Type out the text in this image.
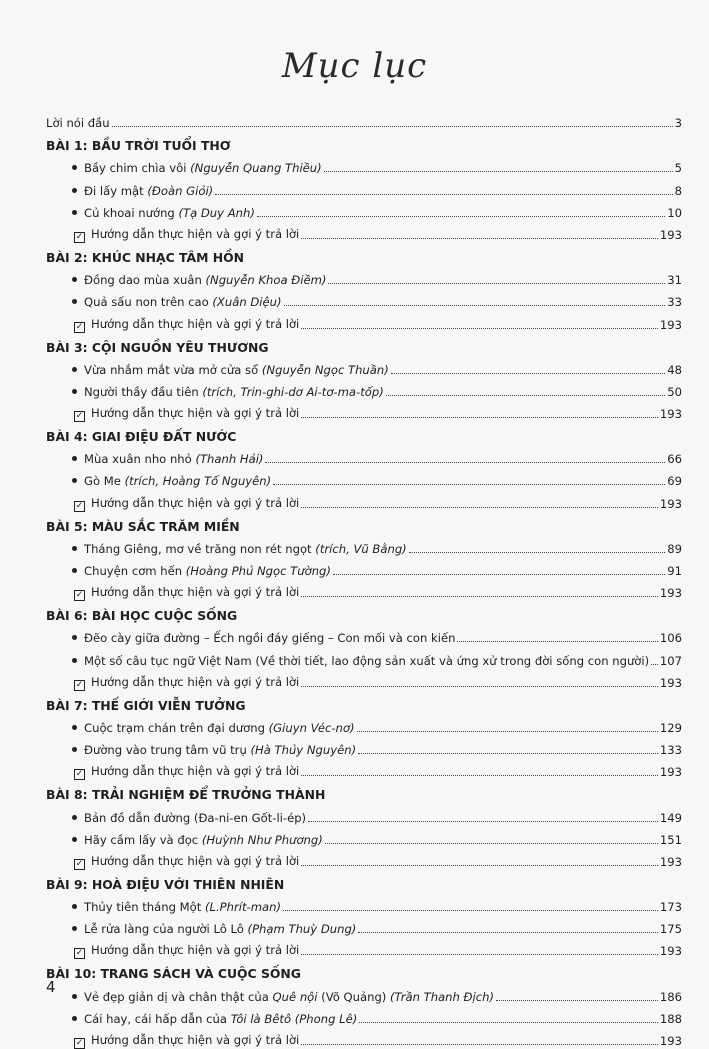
Mục lục
Lời nói đầu	3
BÀI 1: BẦU TRỜI TUỔI THƠ
Bầy chim chìa vôi (Nguyễn Quang Thiều)	5
Đi lấy mật (Đoàn Giỏi)	8
Củ khoai nướng (Tạ Duy Anh)	10
✓ Hướng dẫn thực hiện và gợi ý trả lời	193
BÀI 2: KHÚC NHẠC TÂM HỒN
Đồng dao mùa xuân (Nguyễn Khoa Điềm)	31
Quả sấu non trên cao (Xuân Diệu)	33
✓ Hướng dẫn thực hiện và gợi ý trả lời	193
BÀI 3: CỘI NGUỒN YÊU THƯƠNG
Vừa nhắm mắt vừa mở cửa sổ (Nguyễn Ngọc Thuần)	48
Người thầy đầu tiên (trích, Trin-ghi-dơ Ai-tơ-ma-tốp)	50
✓ Hướng dẫn thực hiện và gợi ý trả lời	193
BÀI 4: GIAI ĐIỆU ĐẤT NƯỚC
Mùa xuân nho nhỏ (Thanh Hải)	66
Gò Me (trích, Hoàng Tố Nguyên)	69
✓ Hướng dẫn thực hiện và gợi ý trả lời	193
BÀI 5: MÀU SẮC TRĂM MIỀN
Tháng Giêng, mơ về trăng non rét ngọt (trích, Vũ Bằng)	89
Chuyện cơm hến (Hoàng Phủ Ngọc Tường)	91
✓ Hướng dẫn thực hiện và gợi ý trả lời	193
BÀI 6: BÀI HỌC CUỘC SỐNG
Đẽo cày giữa đường – Ếch ngồi đáy giếng – Con mối và con kiến	106
Một số câu tục ngữ Việt Nam (Về thời tiết, lao động sản xuất và ứng xử trong đời sống con người) 107
✓ Hướng dẫn thực hiện và gợi ý trả lời	193
BÀI 7: THẾ GIỚI VIỄN TƯỞNG
Cuộc trạm chán trên đại dương (Giuyn Véc-nơ)	129
Đường vào trung tâm vũ trụ (Hà Thủy Nguyên)	133
✓ Hướng dẫn thực hiện và gợi ý trả lời	193
BÀI 8: TRẢI NGHIỆM ĐỂ TRƯỞNG THÀNH
Bản đồ dẫn đường (Đa-ni-en Gốt-li-ép)	149
Hãy cầm lấy và đọc (Huỳnh Như Phương)	151
✓ Hướng dẫn thực hiện và gợi ý trả lời	193
BÀI 9: HOÀ ĐIỆU VỚI THIÊN NHIÊN
Thủy tiên tháng Một (L.Phrít-man)	173
Lễ rửa làng của người Lô Lô (Phạm Thuỳ Dung)	175
✓ Hướng dẫn thực hiện và gợi ý trả lời	193
BÀI 10: TRANG SÁCH VÀ CUỘC SỐNG
Vẻ đẹp giản dị và chân thật của Quê nội (Võ Quảng) (Trần Thanh Địch)	186
Cái hay, cái hấp dẫn của Tôi là Bêtô (Phong Lê)	188
✓ Hướng dẫn thực hiện và gợi ý trả lời	193
4
